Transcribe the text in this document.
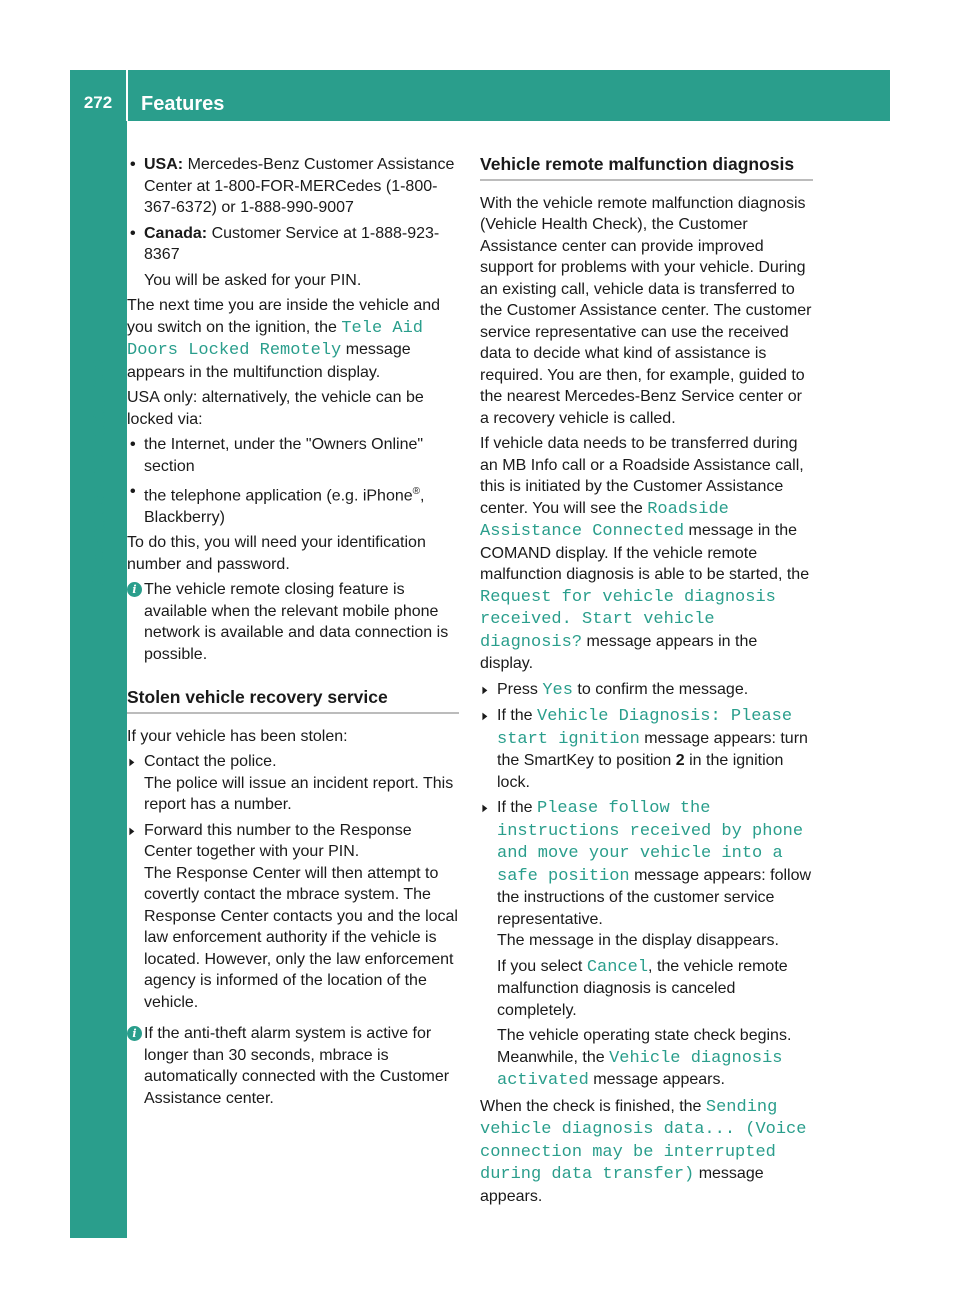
272	Features
Stowage and features
• USA: Mercedes-Benz Customer Assistance Center at 1-800-FOR-MERCedes (1-800-367-6372) or 1-888-990-9007
• Canada: Customer Service at 1-888-923-8367

You will be asked for your PIN.

The next time you are inside the vehicle and you switch on the ignition, the Tele Aid Doors Locked Remotely message appears in the multifunction display.

USA only: alternatively, the vehicle can be locked via:

• the Internet, under the "Owners Online" section
• the telephone application (e.g. iPhone®, Blackberry)

To do this, you will need your identification number and password.

i The vehicle remote closing feature is available when the relevant mobile phone network is available and data connection is possible.
Stolen vehicle recovery service

If your vehicle has been stolen:

▶ Contact the police.
The police will issue an incident report. This report has a number.
▶ Forward this number to the Response Center together with your PIN.
The Response Center will then attempt to covertly contact the mbrace system. The Response Center contacts you and the local law enforcement authority if the vehicle is located. However, only the law enforcement agency is informed of the location of the vehicle.
i If the anti-theft alarm system is active for longer than 30 seconds, mbrace is automatically connected with the Customer Assistance center.
Vehicle remote malfunction diagnosis

With the vehicle remote malfunction diagnosis (Vehicle Health Check), the Customer Assistance center can provide improved support for problems with your vehicle. During an existing call, vehicle data is transferred to the Customer Assistance center. The customer service representative can use the received data to decide what kind of assistance is required. You are then, for example, guided to the nearest Mercedes-Benz Service center or a recovery vehicle is called.

If vehicle data needs to be transferred during an MB Info call or a Roadside Assistance call, this is initiated by the Customer Assistance center. You will see the Roadside Assistance Connected message in the COMAND display. If the vehicle remote malfunction diagnosis is able to be started, the Request for vehicle diagnosis received. Start vehicle diagnosis? message appears in the display.

▶ Press Yes to confirm the message.
▶ If the Vehicle Diagnosis: Please start ignition message appears: turn the SmartKey to position 2 in the ignition lock.
▶ If the Please follow the instructions received by phone and move your vehicle into a safe position message appears: follow the instructions of the customer service representative.
The message in the display disappears.

If you select Cancel, the vehicle remote malfunction diagnosis is canceled completely.

The vehicle operating state check begins. Meanwhile, the Vehicle diagnosis activated message appears.

When the check is finished, the Sending vehicle diagnosis data... (Voice connection may be interrupted during data transfer) message appears.
